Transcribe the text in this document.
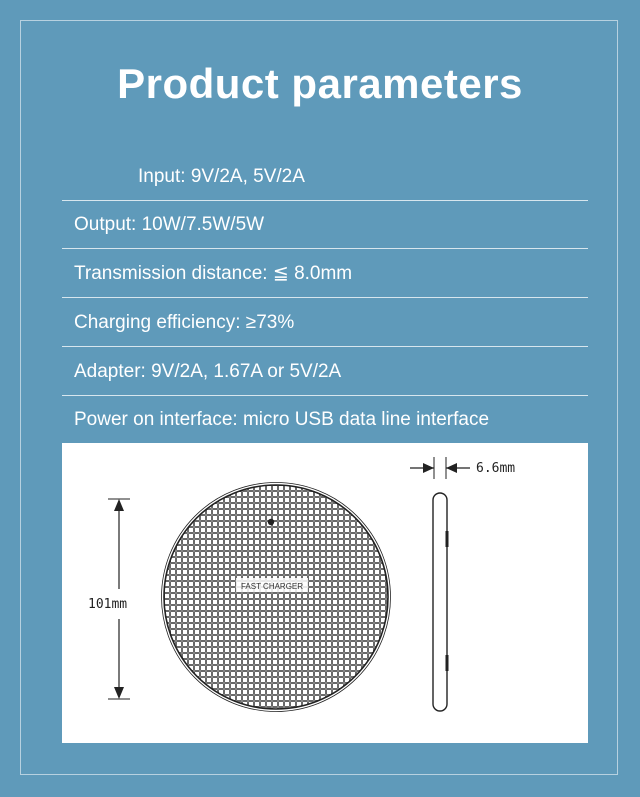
Product parameters
Input: 9V/2A, 5V/2A
Output: 10W/7.5W/5W
Transmission distance: ≦ 8.0mm
Charging efficiency: ≥73%
Adapter: 9V/2A, 1.67A or 5V/2A
Power on interface: micro USB data line interface
FAST CHARGER
101mm
6.6mm
